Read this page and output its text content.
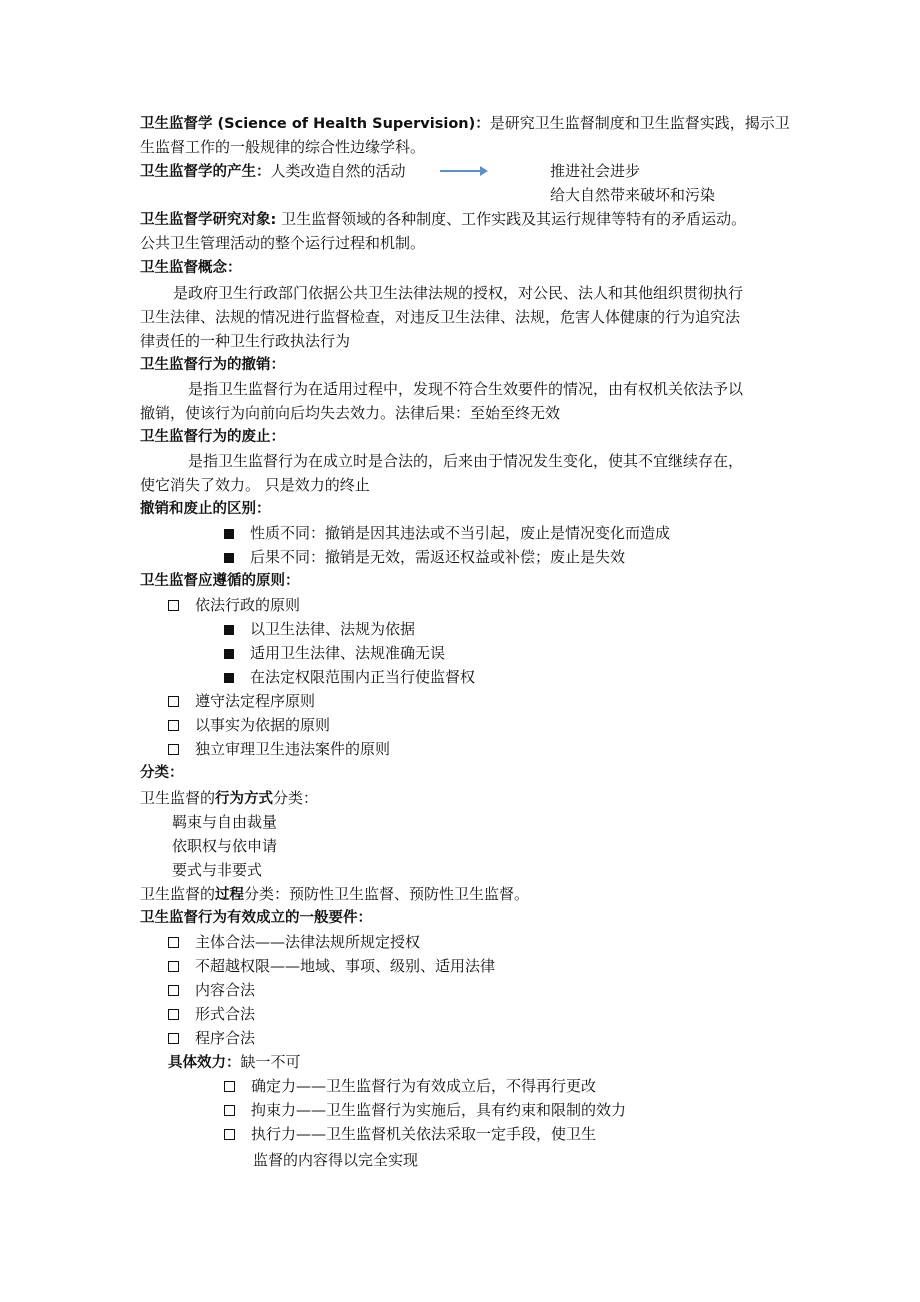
卫生监督学 (Science of Health Supervision)：是研究卫生监督制度和卫生监督实践，揭示卫
生监督工作的一般规律的综合性边缘学科。
卫生监督学的产生：人类改造自然的活动	推进社会进步
给大自然带来破坏和污染
卫生监督学研究对象: 卫生监督领域的各种制度、工作实践及其运行规律等特有的矛盾运动。
公共卫生管理活动的整个运行过程和机制。
卫生监督概念：
是政府卫生行政部门依据公共卫生法律法规的授权，对公民、法人和其他组织贯彻执行
卫生法律、法规的情况进行监督检查，对违反卫生法律、法规，危害人体健康的行为追究法
律责任的一种卫生行政执法行为
卫生监督行为的撤销：
是指卫生监督行为在适用过程中，发现不符合生效要件的情况，由有权机关依法予以
撤销，使该行为向前向后均失去效力。法律后果：至始至终无效
卫生监督行为的废止：
是指卫生监督行为在成立时是合法的，后来由于情况发生变化，使其不宜继续存在，
使它消失了效力。 只是效力的终止
撤销和废止的区别：
性质不同：撤销是因其违法或不当引起，废止是情况变化而造成
后果不同：撤销是无效，需返还权益或补偿；废止是失效
卫生监督应遵循的原则：
依法行政的原则
以卫生法律、法规为依据
适用卫生法律、法规准确无误
在法定权限范围内正当行使监督权
遵守法定程序原则
以事实为依据的原则
独立审理卫生违法案件的原则
分类：
卫生监督的行为方式分类：
羁束与自由裁量
依职权与依申请
要式与非要式
卫生监督的过程分类：预防性卫生监督、预防性卫生监督。
卫生监督行为有效成立的一般要件：
主体合法——法律法规所规定授权
不超越权限——地域、事项、级别、适用法律
内容合法
形式合法
程序合法
具体效力：缺一不可
确定力——卫生监督行为有效成立后，不得再行更改
拘束力——卫生监督行为实施后，具有约束和限制的效力
执行力——卫生监督机关依法采取一定手段，使卫生
监督的内容得以完全实现
